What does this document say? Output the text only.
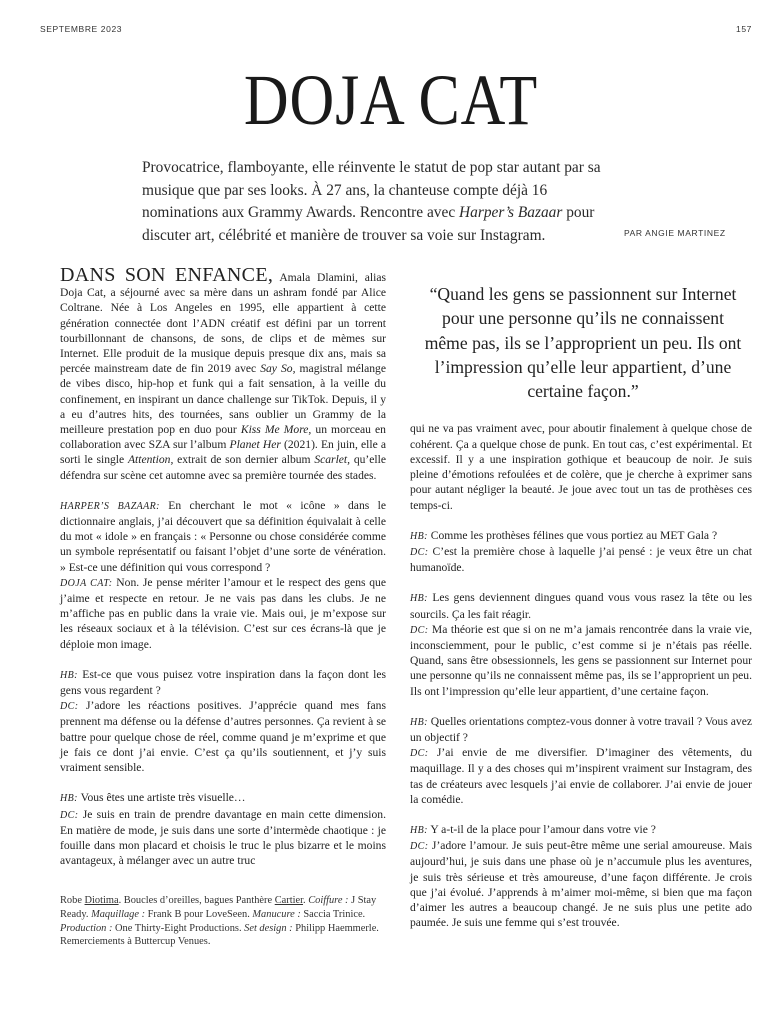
SEPTEMBRE 2023	157
DOJA CAT
Provocatrice, flamboyante, elle réinvente le statut de pop star autant par sa musique que par ses looks. À 27 ans, la chanteuse compte déjà 16 nominations aux Grammy Awards. Rencontre avec Harper’s Bazaar pour discuter art, célébrité et manière de trouver sa voie sur Instagram.	PAR ANGIE MARTINEZ

DANS SON ENFANCE, Amala Dlamini, alias Doja Cat, a séjourné avec sa mère dans un ashram fondé par Alice Coltrane. Née à Los Angeles en 1995, elle appartient à cette génération connectée dont l’ADN créatif est défini par un torrent tourbillonnant de chansons, de sons, de clips et de mèmes sur Internet. Elle produit de la musique depuis presque dix ans, mais sa percée mainstream date de fin 2019 avec Say So, magistral mélange de vibes disco, hip-hop et funk qui a fait sensation, à la veille du confinement, en inspirant un dance challenge sur TikTok. Depuis, il y a eu d’autres hits, des tournées, sans oublier un Grammy de la meilleure prestation pop en duo pour Kiss Me More, un morceau en collaboration avec SZA sur l’album Planet Her (2021). En juin, elle a sorti le single Attention, extrait de son dernier album Scarlet, qu’elle défendra sur scène cet automne avec sa première tournée des stades.

HARPER’S BAZAAR: En cherchant le mot « icône » dans le dictionnaire anglais, j’ai découvert que sa définition équivalait à celle du mot « idole » en français : « Personne ou chose considérée comme un symbole représentatif ou faisant l’objet d’une sorte de vénération. » Est-ce une définition qui vous correspond ?

DOJA CAT: Non. Je pense mériter l’amour et le respect des gens que j’aime et respecte en retour. Je ne vais pas dans les clubs. Je ne m’affiche pas en public dans la vraie vie. Mais oui, je m’expose sur les réseaux sociaux et à la télévision. C’est sur ces écrans-là que je déploie mon image.

HB: Est-ce que vous puisez votre inspiration dans la façon dont les gens vous regardent ?

DC: J’adore les réactions positives. J’apprécie quand mes fans prennent ma défense ou la défense d’autres personnes. Ça revient à se battre pour quelque chose de réel, comme quand je m’exprime et que je fais ce dont j’ai envie. C’est ça qu’ils soutiennent, et j’y suis vraiment sensible.

HB: Vous êtes une artiste très visuelle…

DC: Je suis en train de prendre davantage en main cette dimension. En matière de mode, je suis dans une sorte d’intermède chaotique : je fouille dans mon placard et choisis le truc le plus bizarre et le moins avantageux, à mélanger avec un autre truc

Robe Diotima. Boucles d’oreilles, bagues Panthère Cartier. Coiffure : J Stay Ready. Maquillage : Frank B pour LoveSeen. Manucure : Saccia Trinice. Production : One Thirty-Eight Productions. Set design : Philipp Haemmerle. Remerciements à Buttercup Venues.
“Quand les gens se passionnent sur Internet pour une personne qu’ils ne connaissent même pas, ils se l’approprient un peu. Ils ont l’impression qu’elle leur appartient, d’une certaine façon.”

qui ne va pas vraiment avec, pour aboutir finalement à quelque chose de cohérent. Ça a quelque chose de punk. En tout cas, c’est expérimental. Et excessif. Il y a une inspiration gothique et beaucoup de noir. Je suis pleine d’émotions refoulées et de colère, que je cherche à exprimer sans pour autant négliger la beauté. Je joue avec tout un tas de prothèses ces temps-ci.

HB: Comme les prothèses félines que vous portiez au MET Gala ?

DC: C’est la première chose à laquelle j’ai pensé : je veux être un chat humanoïde.

HB: Les gens deviennent dingues quand vous vous rasez la tête ou les sourcils. Ça les fait réagir.

DC: Ma théorie est que si on ne m’a jamais rencontrée dans la vraie vie, inconsciemment, pour le public, c’est comme si je n’étais pas réelle. Quand, sans être obsessionnels, les gens se passionnent sur Internet pour une personne qu’ils ne connaissent même pas, ils se l’approprient un peu. Ils ont l’impression qu’elle leur appartient, d’une certaine façon.

HB: Quelles orientations comptez-vous donner à votre travail ? Vous avez un objectif ?

DC: J’ai envie de me diversifier. D’imaginer des vêtements, du maquillage. Il y a des choses qui m’inspirent vraiment sur Instagram, des tas de créateurs avec lesquels j’ai envie de collaborer. J’ai envie de jouer la comédie.

HB: Y a-t-il de la place pour l’amour dans votre vie ?

DC: J’adore l’amour. Je suis peut-être même une serial amoureuse. Mais aujourd’hui, je suis dans une phase où je n’accumule plus les aventures, je suis très sérieuse et très amoureuse, d’une façon différente. Je crois que j’ai évolué. J’apprends à m’aimer moi-même, si bien que ma façon d’aimer les autres a beaucoup changé. Je ne suis plus une petite ado paumée. Je suis une femme qui s’est trouvée.
